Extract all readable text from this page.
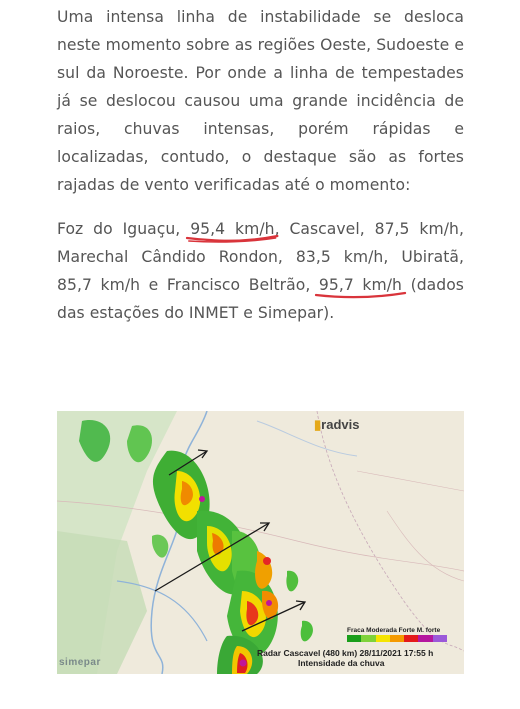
Uma intensa linha de instabilidade se desloca neste momento sobre as regiões Oeste, Sudoeste e sul da Noroeste. Por onde a linha de tempestades já se deslocou causou uma grande incidência de raios, chuvas intensas, porém rápidas e localizadas, contudo, o destaque são as fortes rajadas de vento verificadas até o momento:

Foz do Iguaçu, 95,4 km/h
, Cascavel, 87,5 km/h, Marechal Cândido Rondon, 83,5 km/h, Ubiratã, 85,7 km/h e Francisco Beltrão, 95,7 km/h
(dados das estações do INMET e Simepar).

▮radvis
Fraca Moderada Forte M. forte
Radar Cascavel (480 km) 28/11/2021 17:55 h
Intensidade da chuva
simepar
